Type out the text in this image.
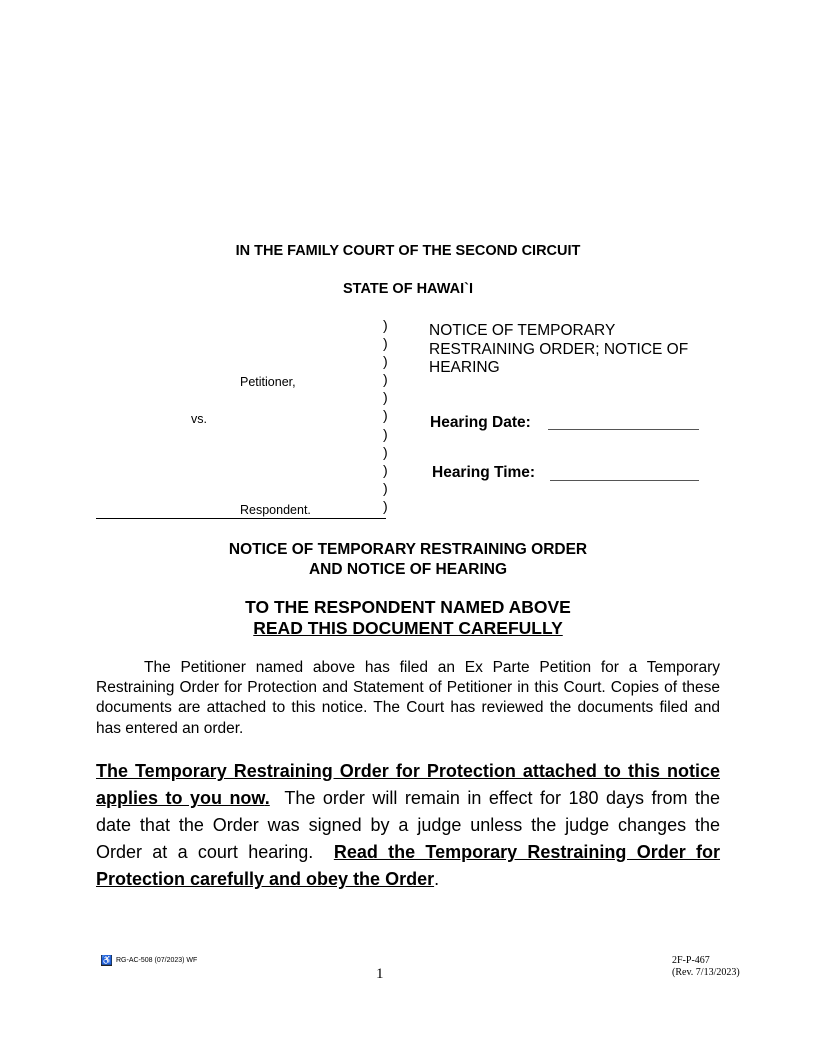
IN THE FAMILY COURT OF THE SECOND CIRCUIT
STATE OF HAWAI`I
)
)
)
)
)
)
)
)
)
)
)
Petitioner,
vs.
Respondent.
NOTICE OF TEMPORARY RESTRAINING ORDER; NOTICE OF HEARING
Hearing Date:
Hearing Time:
NOTICE OF TEMPORARY RESTRAINING ORDER
AND NOTICE OF HEARING
TO THE RESPONDENT NAMED ABOVE
READ THIS DOCUMENT CAREFULLY
The Petitioner named above has filed an Ex Parte Petition for a Temporary Restraining Order for Protection and Statement of Petitioner in this Court. Copies of these documents are attached to this notice. The Court has reviewed the documents filed and has entered an order.
The Temporary Restraining Order for Protection attached to this notice applies to you now.  The order will remain in effect for 180 days from the date that the Order was signed by a judge unless the judge changes the Order at a court hearing.  Read the Temporary Restraining Order for Protection carefully and obey the Order.
♿ RG-AC-508 (07/2023) WF
1
2F-P-467
(Rev. 7/13/2023)
